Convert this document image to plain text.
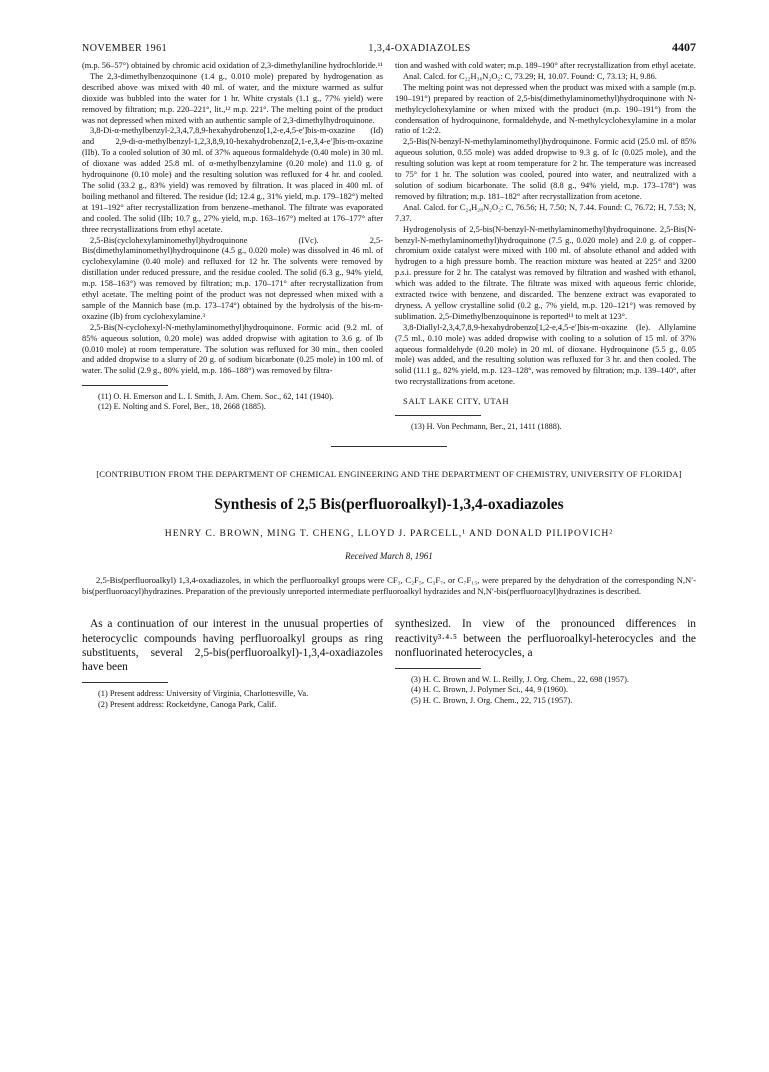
NOVEMBER 1961	1,3,4-OXADIAZOLES	4407

(m.p. 56–57°) obtained by chromic acid oxidation of 2,3-dimethylaniline hydrochloride.¹¹

The 2,3-dimethylbenzoquinone (1.4 g., 0.010 mole) prepared by hydrogenation as described above was mixed with 40 ml. of water, and the mixture warmed as sulfur dioxide was bubbled into the water for 1 hr. White crystals (1.1 g., 77% yield) were removed by filtration; m.p. 220–221°, lit.,¹² m.p. 221°. The melting point of the product was not depressed when mixed with an authentic sample of 2,3-dimethylhydroquinone.

3,8-Di-α-methylbenzyl-2,3,4,7,8,9-hexahydrobenzo[1,2-e,4,5-e′]bis-m-oxazine (Id) and 2,9-di-α-methylbenzyl-1,2,3,8,9,10-hexahydrobenzo[2,1-e,3,4-e′]bis-m-oxazine (IIb). To a cooled solution of 30 ml. of 37% aqueous formaldehyde (0.40 mole) in 30 ml. of dioxane was added 25.8 ml. of α-methylbenzylamine (0.20 mole) and 11.0 g. of hydroquinone (0.10 mole) and the resulting solution was refluxed for 4 hr. and cooled. The solid (33.2 g., 83% yield) was removed by filtration. It was placed in 400 ml. of boiling methanol and filtered. The residue (Id; 12.4 g., 31% yield, m.p. 179–182°) melted at 191–192° after recrystallization from benzene–methanol. The filtrate was evaporated and cooled. The solid (IIb; 10.7 g., 27% yield, m.p. 163–167°) melted at 176–177° after three recrystallizations from ethyl acetate.

2,5-Bis(cyclohexylaminomethyl)hydroquinone (IVc). 2,5-Bis(dimethylaminomethyl)hydroquinone (4.5 g., 0.020 mole) was dissolved in 46 ml. of cyclohexylamine (0.40 mole) and refluxed for 12 hr. The solvents were removed by distillation under reduced pressure, and the residue cooled. The solid (6.3 g., 94% yield, m.p. 158–163°) was removed by filtration; m.p. 170–171° after recrystallization from ethyl acetate. The melting point of the product was not depressed when mixed with a sample of the Mannich base (m.p. 173–174°) obtained by the hydrolysis of the bis-m-oxazine (Ib) from cyclohexylamine.³

2,5-Bis(N-cyclohexyl-N-methylaminomethyl)hydroquinone. Formic acid (9.2 ml. of 85% aqueous solution, 0.20 mole) was added dropwise with agitation to 3.6 g. of Ib (0.010 mole) at room temperature. The solution was refluxed for 30 min., then cooled and added dropwise to a slurry of 20 g. of sodium bicarbonate (0.25 mole) in 100 ml. of water. The solid (2.9 g., 80% yield, m.p. 186–188°) was removed by filtra-

(11) O. H. Emerson and L. I. Smith, J. Am. Chem. Soc., 62, 141 (1940).

(12) E. Nolting and S. Forel, Ber., 18, 2668 (1885).

tion and washed with cold water; m.p. 189–190° after recrystallization from ethyl acetate.

Anal. Calcd. for C₂₂H₃₆N₂O₂: C, 73.29; H, 10.07. Found: C, 73.13; H, 9.86.

The melting point was not depressed when the product was mixed with a sample (m.p. 190–191°) prepared by reaction of 2,5-bis(dimethylaminomethyl)hydroquinone with N-methylcyclohexylamine or when mixed with the product (m.p. 190–191°) from the condensation of hydroquinone, formaldehyde, and N-methylcyclohexylamine in a molar ratio of 1:2:2.

2,5-Bis(N-benzyl-N-methylaminomethyl)hydroquinone. Formic acid (25.0 ml. of 85% aqueous solution, 0.55 mole) was added dropwise to 9.3 g. of Ic (0.025 mole), and the resulting solution was kept at room temperature for 2 hr. The temperature was increased to 75° for 1 hr. The solution was cooled, poured into water, and neutralized with a solution of sodium bicarbonate. The solid (8.8 g., 94% yield, m.p. 173–178°) was removed by filtration; m.p. 181–182° after recrystallization from acetone.

Anal. Calcd. for C₂₄H₂₈N₂O₂: C, 76.56; H, 7.50; N, 7.44. Found: C, 76.72; H, 7.53; N, 7.37.

Hydrogenolysis of 2,5-bis(N-benzyl-N-methylaminomethyl)hydroquinone. 2,5-Bis(N-benzyl-N-methylaminomethyl)hydroquinone (7.5 g., 0.020 mole) and 2.0 g. of copper–chromium oxide catalyst were mixed with 100 ml. of absolute ethanol and added with hydrogen to a high pressure bomb. The reaction mixture was heated at 225° and 3200 p.s.i. pressure for 2 hr. The catalyst was removed by filtration and washed with ethanol, which was added to the filtrate. The filtrate was mixed with aqueous ferric chloride, extracted twice with benzene, and discarded. The benzene extract was evaporated to dryness. A yellow crystalline solid (0.2 g., 7% yield, m.p. 120–121°) was removed by sublimation. 2,5-Dimethylbenzoquinone is reported¹³ to melt at 123°.

3,8-Diallyl-2,3,4,7,8,9-hexahydrobenzo[1,2-e,4,5-e′]bis-m-oxazine (Ie). Allylamine (7.5 ml., 0.10 mole) was added dropwise with cooling to a solution of 15 ml. of 37% aqueous formaldehyde (0.20 mole) in 20 ml. of dioxane. Hydroquinone (5.5 g., 0.05 mole) was added, and the resulting solution was refluxed for 3 hr. and then cooled. The solid (11.1 g., 82% yield, m.p. 123–128°, was removed by filtration; m.p. 139–140°, after two recrystallizations from acetone.

SALT LAKE CITY, UTAH

(13) H. Von Pechmann, Ber., 21, 1411 (1888).

[CONTRIBUTION FROM THE DEPARTMENT OF CHEMICAL ENGINEERING AND THE DEPARTMENT OF CHEMISTRY, UNIVERSITY OF FLORIDA]
Synthesis of 2,5 Bis(perfluoroalkyl)-1,3,4-oxadiazoles
HENRY C. BROWN, MING T. CHENG, LLOYD J. PARCELL,¹ AND DONALD PILIPOVICH²
Received March 8, 1961

2,5-Bis(perfluoroalkyl) 1,3,4-oxadiazoles, in which the perfluoroalkyl groups were CF₃, C₂F₅, C₃F₇, or C₇F₁₅, were prepared by the dehydration of the corresponding N,N′-bis(perfluoroacyl)hydrazines. Preparation of the previously unreported intermediate perfluoroalkyl hydrazides and N,N′-bis(perfluoroacyl)hydrazines is described.

As a continuation of our interest in the unusual properties of heterocyclic compounds having perfluoroalkyl groups as ring substituents, several 2,5-bis(perfluoroalkyl)-1,3,4-oxadiazoles have been

(1) Present address: University of Virginia, Charlottesville, Va.

(2) Present address: Rocketdyne, Canoga Park, Calif.

synthesized. In view of the pronounced differences in reactivity³·⁴·⁵ between the perfluoroalkyl-heterocycles and the nonfluorinated heterocycles, a

(3) H. C. Brown and W. L. Reilly, J. Org. Chem., 22, 698 (1957).

(4) H. C. Brown, J. Polymer Sci., 44, 9 (1960).

(5) H. C. Brown, J. Org. Chem., 22, 715 (1957).
